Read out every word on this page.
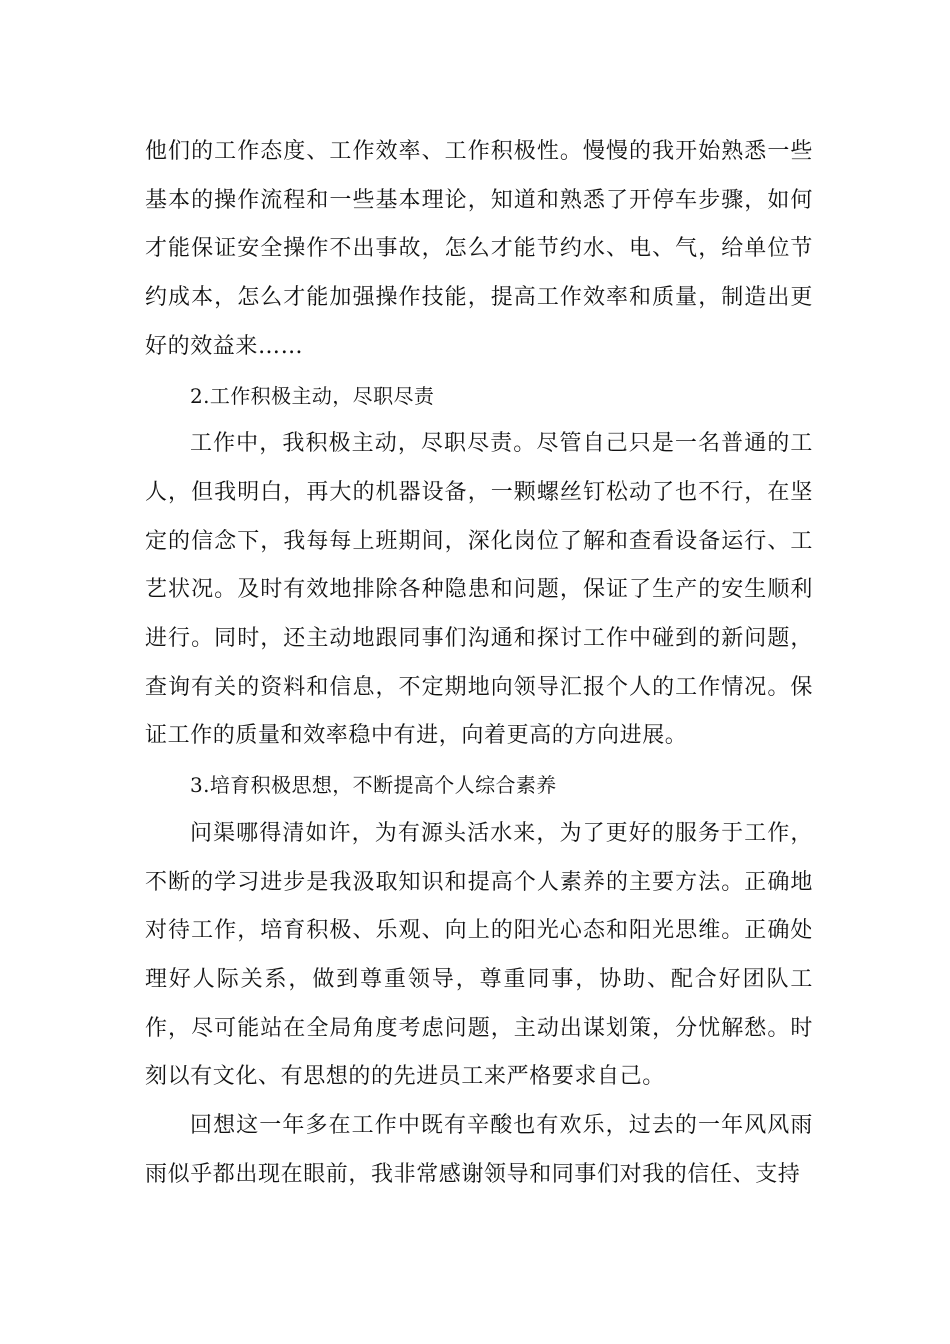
他们的工作态度、工作效率、工作积极性。慢慢的我开始熟悉一些基本的操作流程和一些基本理论，知道和熟悉了开停车步骤，如何才能保证安全操作不出事故，怎么才能节约水、电、气，给单位节约成本，怎么才能加强操作技能，提高工作效率和质量，制造出更好的效益来……

2.工作积极主动，尽职尽责

工作中，我积极主动，尽职尽责。尽管自己只是一名普通的工人，但我明白，再大的机器设备，一颗螺丝钉松动了也不行，在坚定的信念下，我每每上班期间，深化岗位了解和查看设备运行、工艺状况。及时有效地排除各种隐患和问题，保证了生产的安生顺利进行。同时，还主动地跟同事们沟通和探讨工作中碰到的新问题，查询有关的资料和信息，不定期地向领导汇报个人的工作情况。保证工作的质量和效率稳中有进，向着更高的方向进展。

3.培育积极思想，不断提高个人综合素养

问渠哪得清如许，为有源头活水来，为了更好的服务于工作，不断的学习进步是我汲取知识和提高个人素养的主要方法。正确地对待工作，培育积极、乐观、向上的阳光心态和阳光思维。正确处理好人际关系，做到尊重领导，尊重同事，协助、配合好团队工作，尽可能站在全局角度考虑问题，主动出谋划策，分忧解愁。时刻以有文化、有思想的的先进员工来严格要求自己。

回想这一年多在工作中既有辛酸也有欢乐，过去的一年风风雨雨似乎都出现在眼前，我非常感谢领导和同事们对我的信任、支持
